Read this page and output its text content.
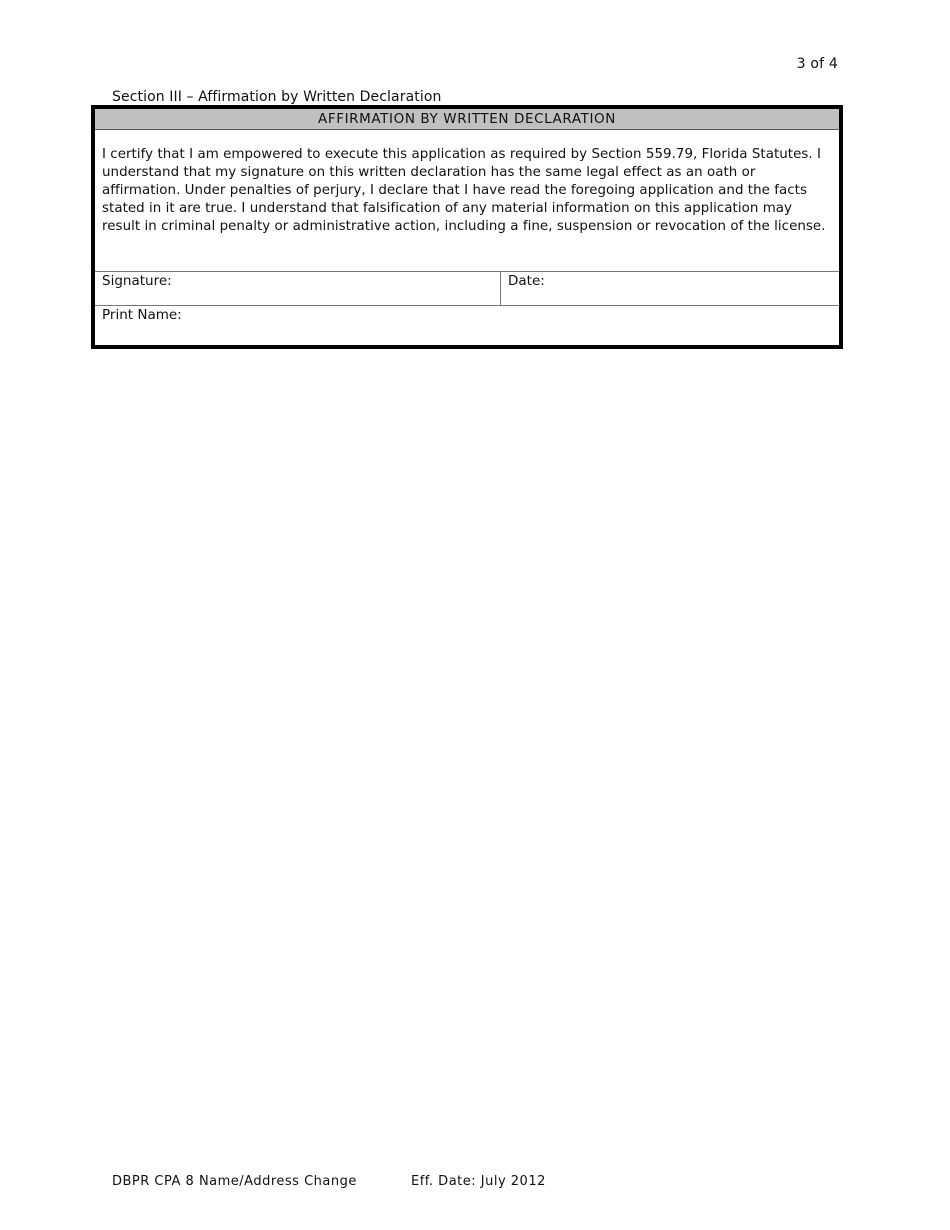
3 of 4
Section III – Affirmation by Written Declaration
AFFIRMATION BY WRITTEN DECLARATION
I certify that I am empowered to execute this application as required by Section 559.79, Florida Statutes. I understand that my signature on this written declaration has the same legal effect as an oath or affirmation. Under penalties of perjury, I declare that I have read the foregoing application and the facts stated in it are true. I understand that falsification of any material information on this application may result in criminal penalty or administrative action, including a fine, suspension or revocation of the license.
Signature:	Date:
Print Name:
DBPR CPA 8 Name/Address Change	Eff. Date: July 2012
